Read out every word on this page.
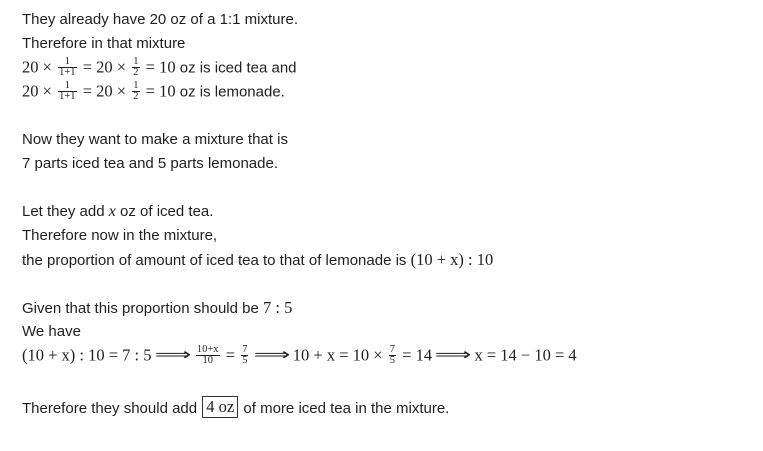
They already have 20 oz of a 1:1 mixture.
Therefore in that mixture
$20 \times \frac{1}{1+1} = 20 \times \frac{1}{2} = 10$ oz is iced tea and
$20 \times \frac{1}{1+1} = 20 \times \frac{1}{2} = 10$ oz is lemonade.
Now they want to make a mixture that is
7 parts iced tea and 5 parts lemonade.
Let they add x oz of iced tea.
Therefore now in the mixture,
the proportion of amount of iced tea to that of lemonade is (10 + x) : 10
Given that this proportion should be 7 : 5
We have
(10 + x) : 10 = 7 : 5 ⟹ $\frac{10+x}{10} = \frac{7}{5}$ ⟹ $10 + x = 10 \times \frac{7}{5} = 14$ ⟹ x = 14 − 10 = 4
Therefore they should add 4 oz of more iced tea in the mixture.
